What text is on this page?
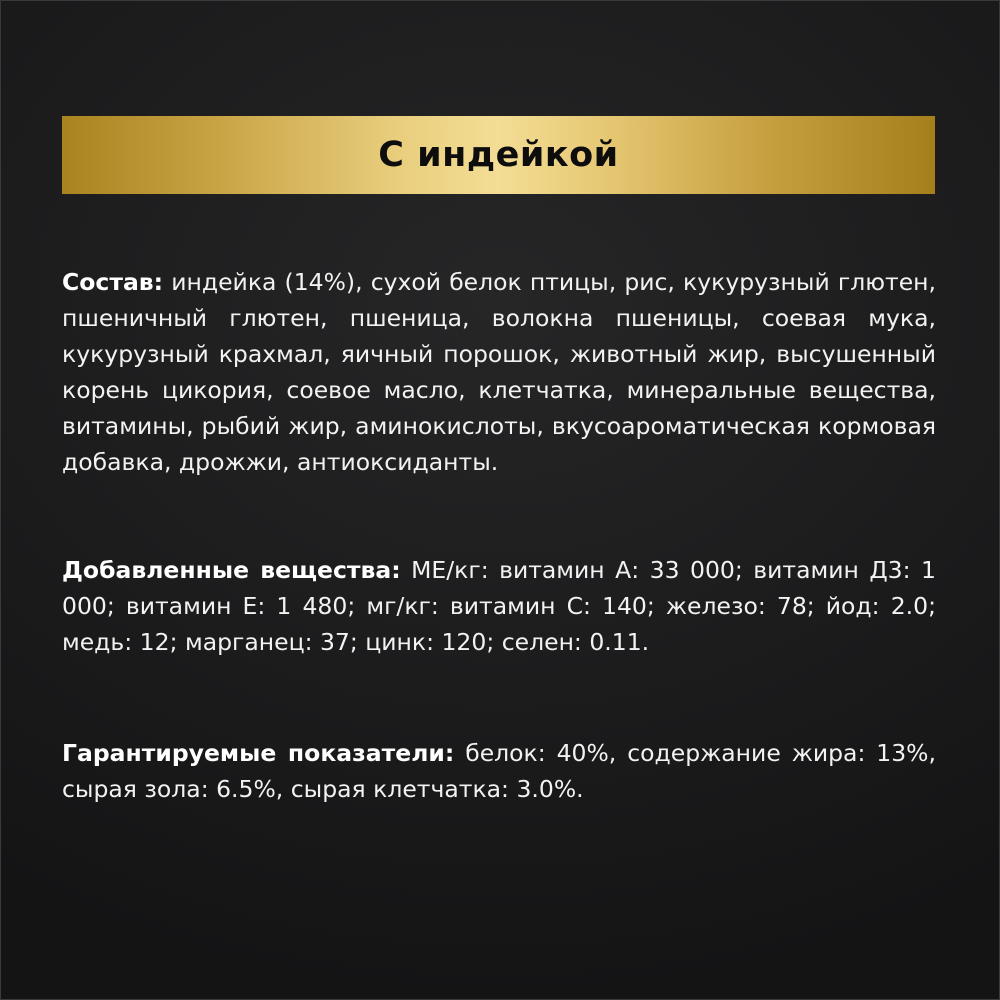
С индейкой

Состав: индейка (14%), сухой белок птицы, рис, кукурузный глютен, пшеничный глютен, пшеница, волокна пшеницы, соевая мука, кукурузный крахмал, яичный порошок, животный жир, высушенный корень цикория, соевое масло, клетчатка, минеральные вещества, витамины, рыбий жир, аминокислоты, вкусоароматическая кормовая добавка, дрожжи, антиоксиданты.

Добавленные вещества: МЕ/кг: витамин А: 33 000; витамин Д3: 1 000; витамин Е: 1 480; мг/кг: витамин С: 140; железо: 78; йод: 2.0; медь: 12; марганец: 37; цинк: 120; селен: 0.11.

Гарантируемые показатели: белок: 40%, содержание жира: 13%, сырая зола: 6.5%, сырая клетчатка: 3.0%.
